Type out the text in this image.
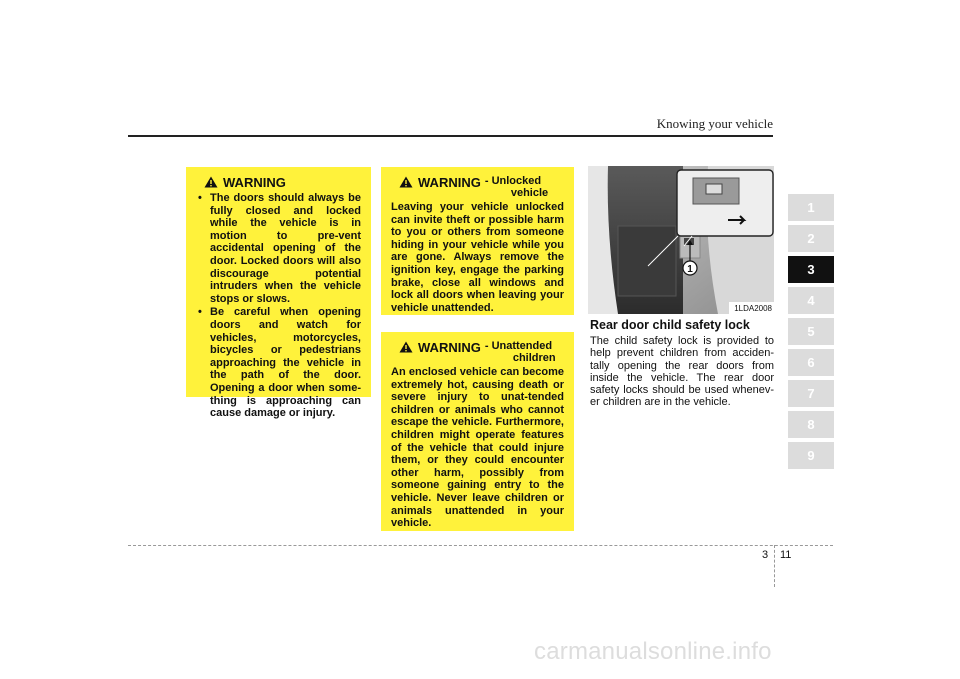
Knowing your vehicle
WARNING
• The doors should always be fully closed and locked while the vehicle is in motion to pre-vent accidental opening of the door. Locked doors will also discourage potential intruders when the vehicle stops or slows.
• Be careful when opening doors and watch for vehicles, motorcycles, bicycles or pedestrians approaching the vehicle in the path of the door. Opening a door when some-thing is approaching can cause damage or injury.
WARNING - Unlocked
vehicle

Leaving your vehicle unlocked can invite theft or possible harm to you or others from someone hiding in your vehicle while you are gone. Always remove the ignition key, engage the parking brake, close all windows and lock all doors when leaving your vehicle unattended.

WARNING - Unattended
children

An enclosed vehicle can become extremely hot, causing death or severe injury to unat-tended children or animals who cannot escape the vehicle. Furthermore, children might operate features of the vehicle that could injure them, or they could encounter other harm, possibly from someone gaining entry to the vehicle. Never leave children or animals unattended in your vehicle.

1
1LDA2008
Rear door child safety lock

The child safety lock is provided to help prevent children from acciden-tally opening the rear doors from inside the vehicle. The rear door safety locks should be used whenev-er children are in the vehicle.

1
2
3
4
5
6
7
8
9
3 11
carmanualsonline.info
